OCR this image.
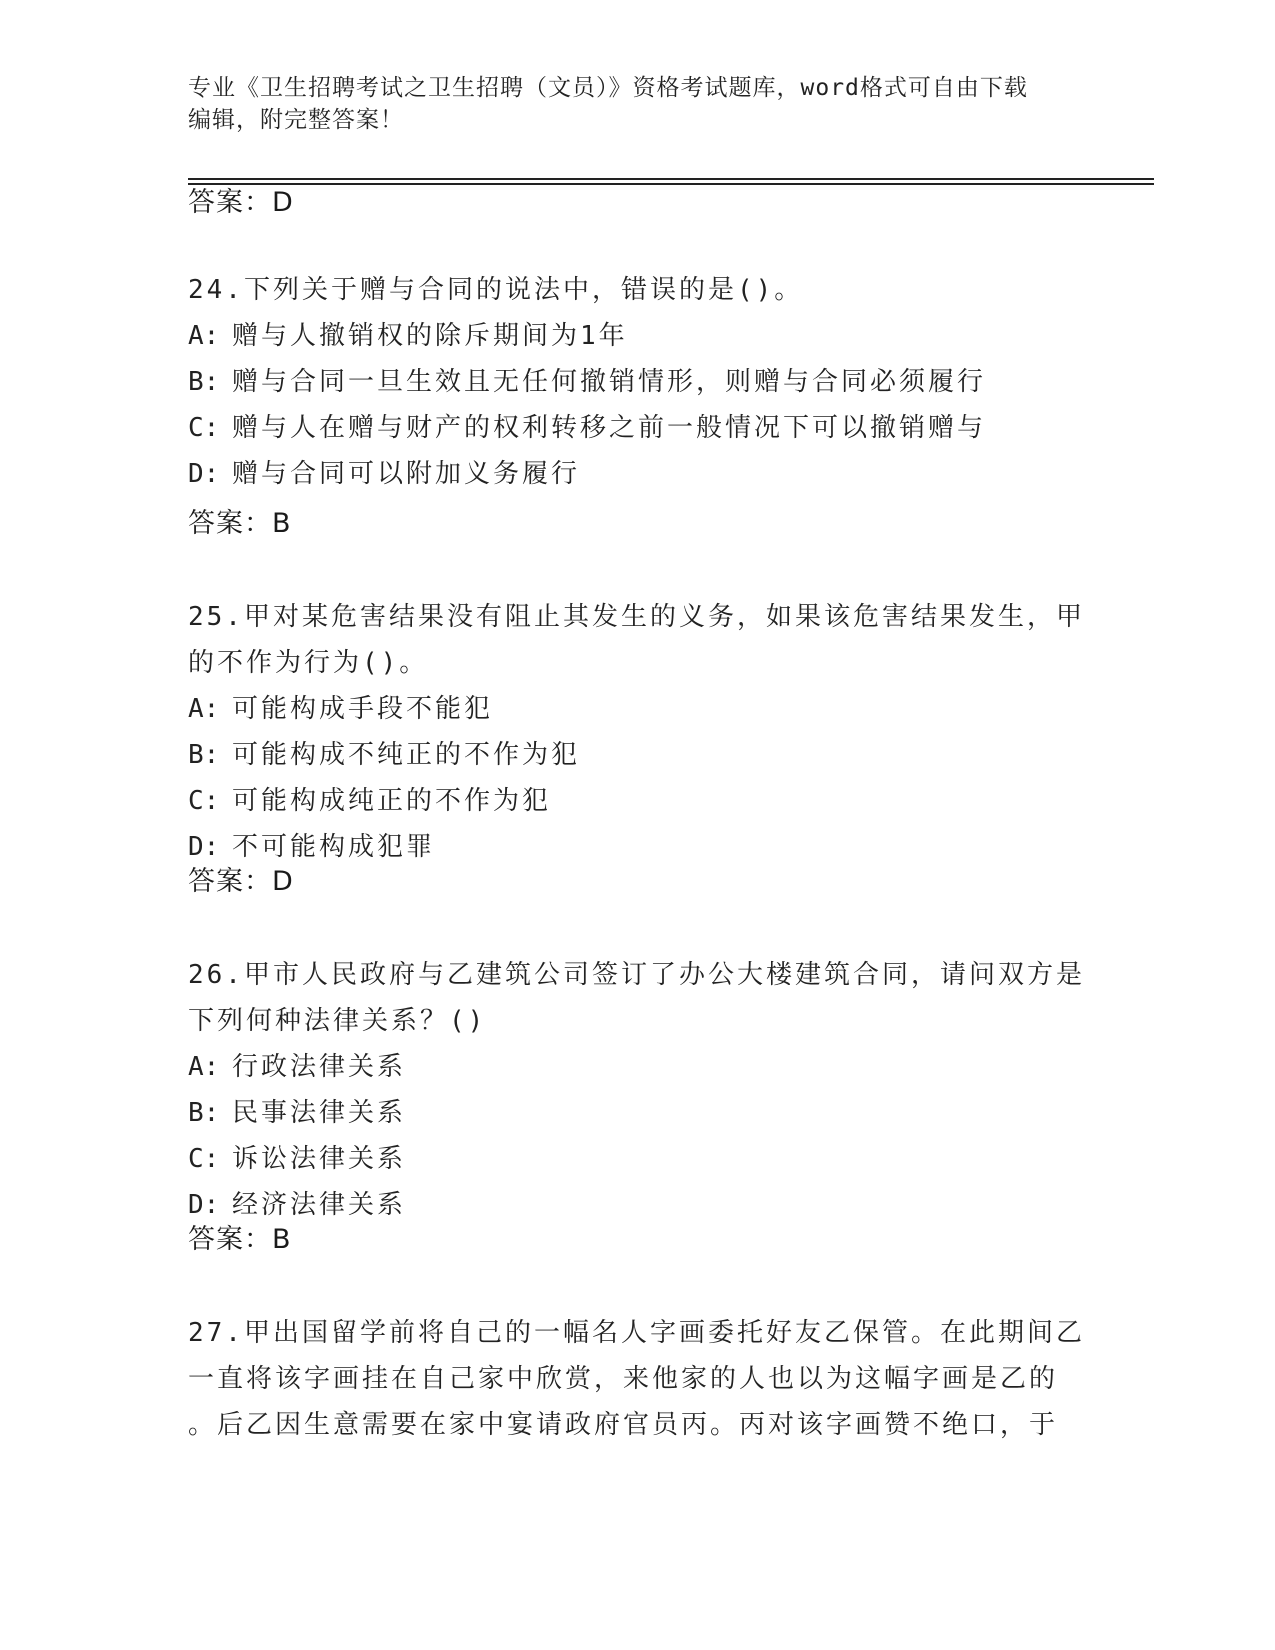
专业《卫生招聘考试之卫生招聘（文员）》资格考试题库，word格式可自由下载
编辑，附完整答案！
答案：D
24.下列关于赠与合同的说法中，错误的是()。
A: 赠与人撤销权的除斥期间为1年
B: 赠与合同一旦生效且无任何撤销情形，则赠与合同必须履行
C: 赠与人在赠与财产的权利转移之前一般情况下可以撤销赠与
D: 赠与合同可以附加义务履行
答案：B
25.甲对某危害结果没有阻止其发生的义务，如果该危害结果发生，甲
的不作为行为()。
A: 可能构成手段不能犯
B: 可能构成不纯正的不作为犯
C: 可能构成纯正的不作为犯
D: 不可能构成犯罪
答案：D
26.甲市人民政府与乙建筑公司签订了办公大楼建筑合同，请问双方是
下列何种法律关系？()
A: 行政法律关系
B: 民事法律关系
C: 诉讼法律关系
D: 经济法律关系
答案：B
27.甲出国留学前将自己的一幅名人字画委托好友乙保管。在此期间乙
一直将该字画挂在自己家中欣赏，来他家的人也以为这幅字画是乙的
。后乙因生意需要在家中宴请政府官员丙。丙对该字画赞不绝口，于
